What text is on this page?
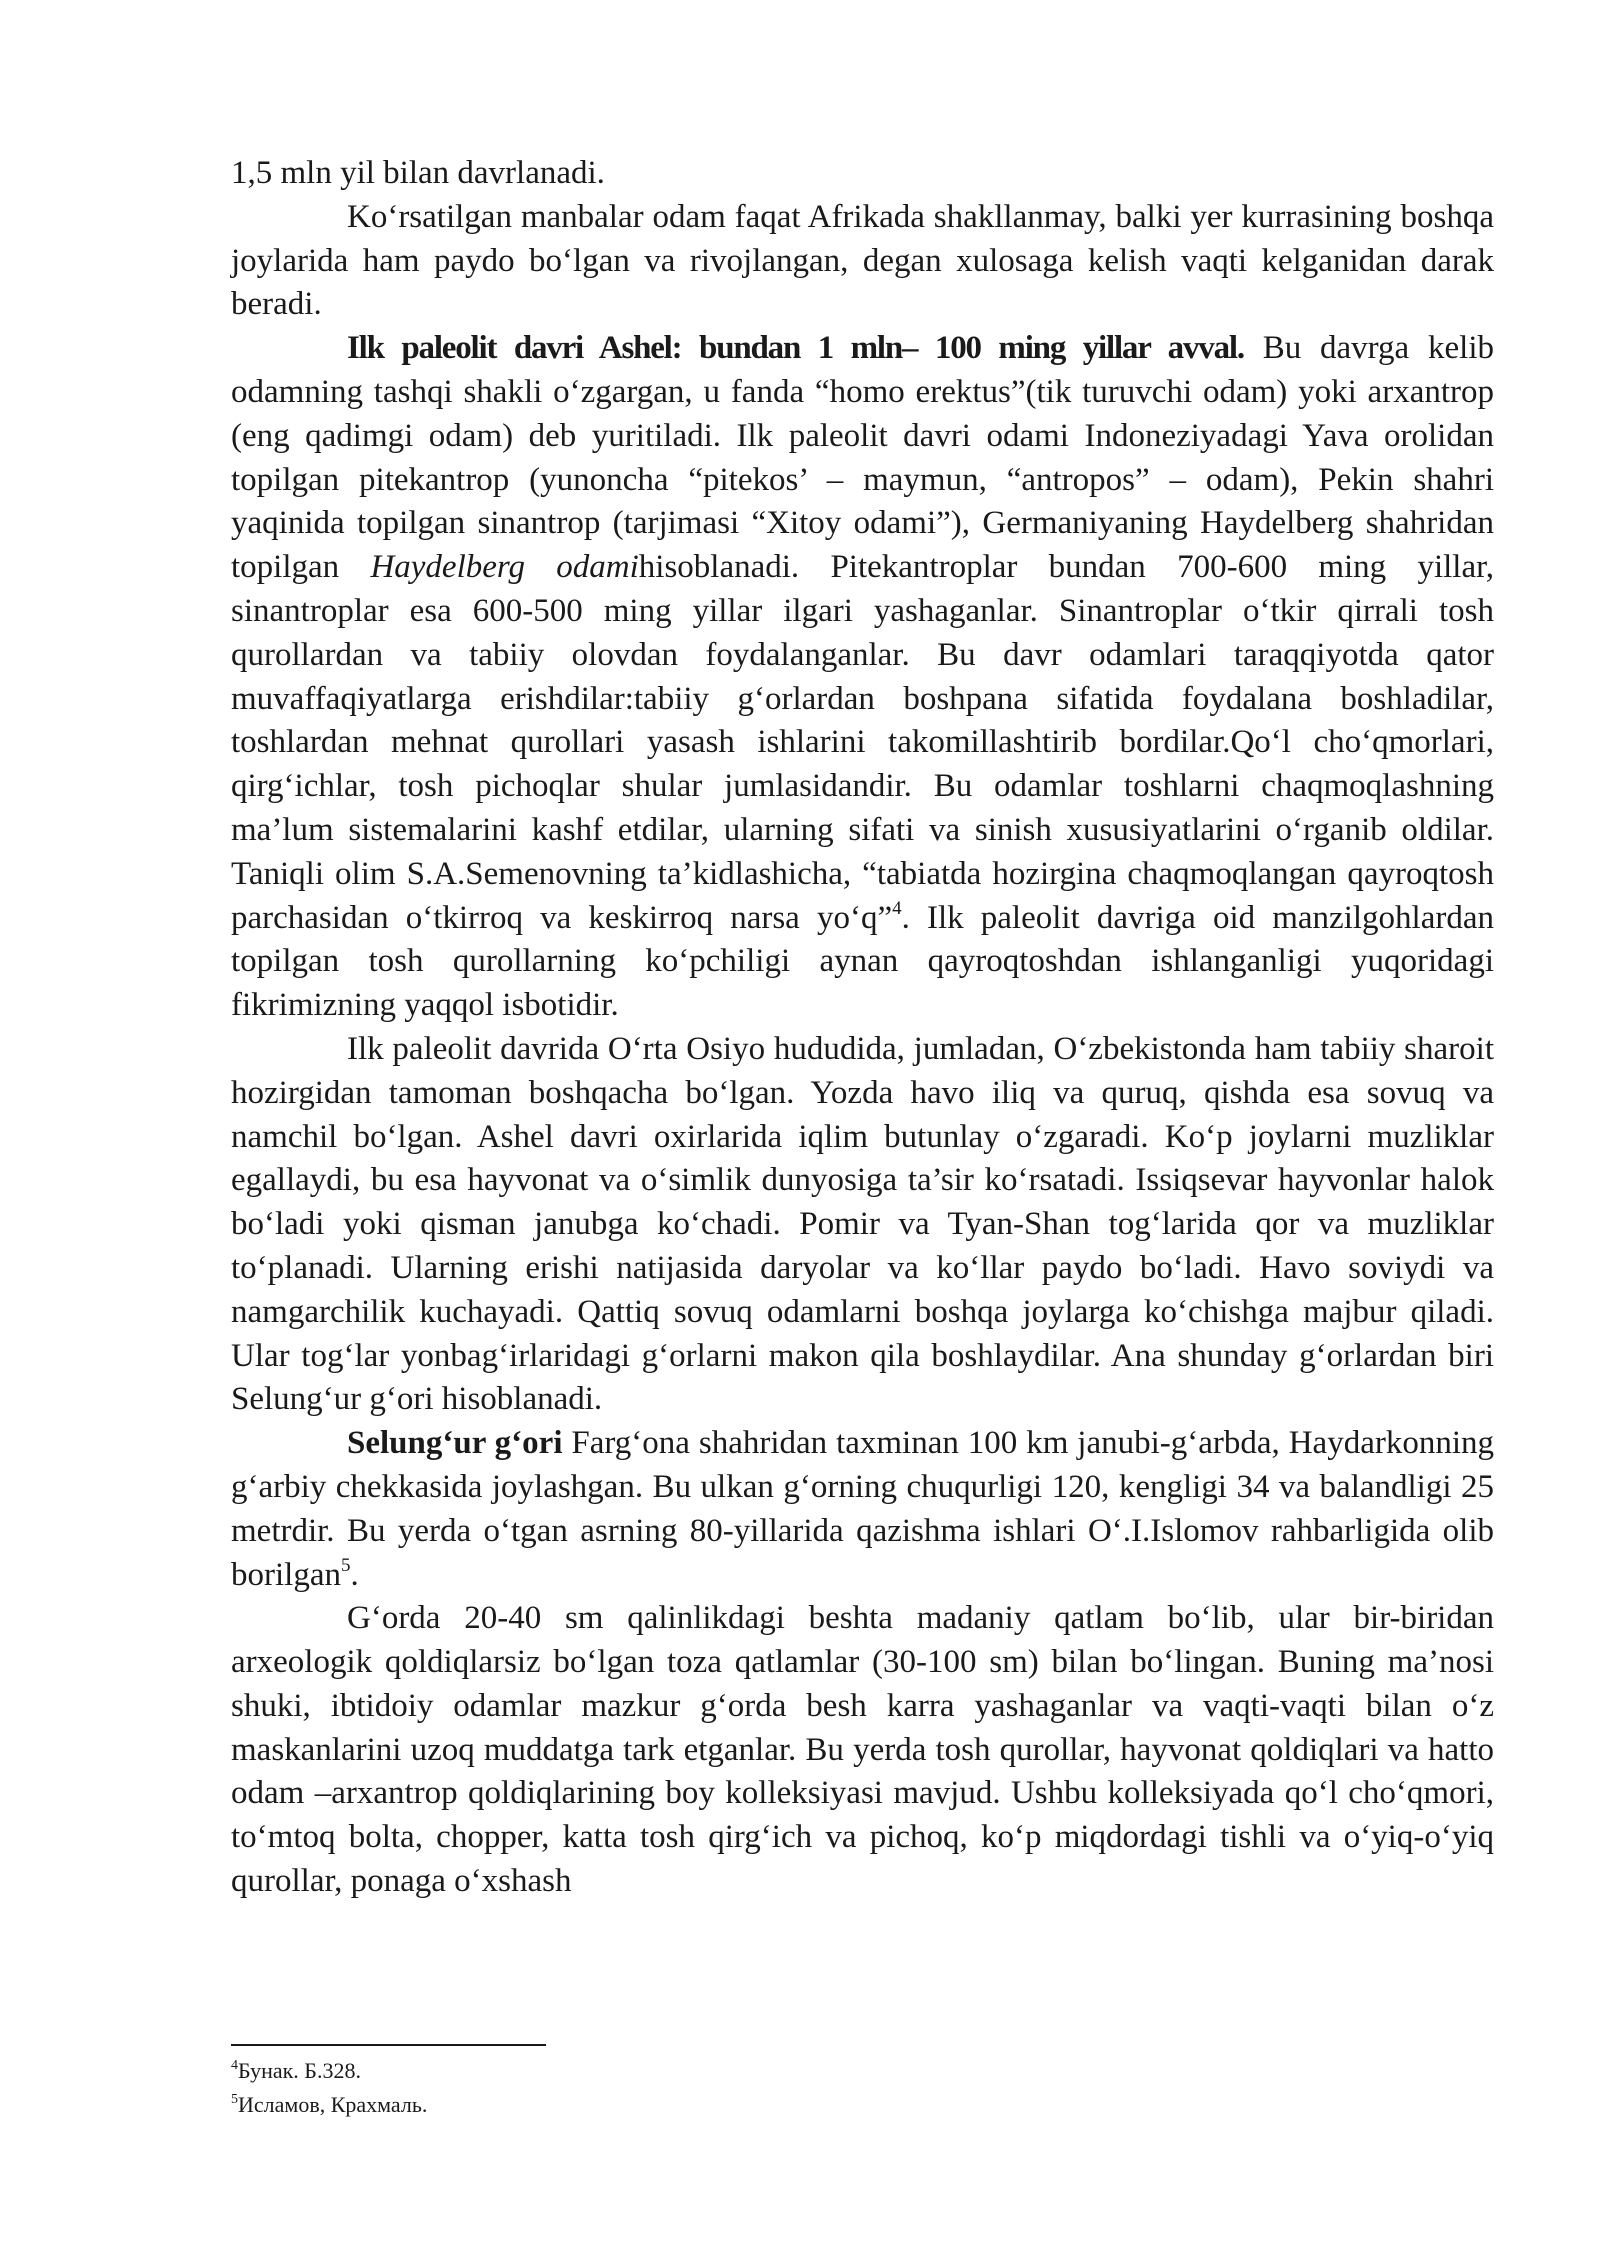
1,5 mln yil bilan davrlanadi.

Ko‘rsatilgan manbalar odam faqat Afrikada shakllanmay, balki yer kurrasining boshqa joylarida ham paydo bo‘lgan va rivojlangan, degan xulosaga kelish vaqti kelganidan darak beradi.

Ilk paleolit davri Ashel: bundan 1 mln– 100 ming yillar avval. Bu davrga kelib odamning tashqi shakli o‘zgargan, u fanda “homo erektus”(tik turuvchi odam) yoki arxantrop (eng qadimgi odam) deb yuritiladi. Ilk paleolit davri odami Indoneziyadagi Yava orolidan topilgan pitekantrop (yunoncha “pitekos’ – maymun, “antropos” – odam), Pekin shahri yaqinida topilgan sinantrop (tarjimasi “Xitoy odami”), Germaniyaning Haydelberg shahridan topilgan Haydelberg odamihisoblanadi. Pitekantroplar bundan 700-600 ming yillar, sinantroplar esa 600-500 ming yillar ilgari yashaganlar. Sinantroplar o‘tkir qirrali tosh qurollardan va tabiiy olovdan foydalanganlar. Bu davr odamlari taraqqiyotda qator muvaffaqiyatlarga erishdilar:tabiiy g‘orlardan boshpana sifatida foydalana boshladilar, toshlardan mehnat qurollari yasash ishlarini takomillashtirib bordilar.Qo‘l cho‘qmorlari, qirg‘ichlar, tosh pichoqlar shular jumlasidandir. Bu odamlar toshlarni chaqmoqlashning ma’lum sistemalarini kashf etdilar, ularning sifati va sinish xususiyatlarini o‘rganib oldilar. Taniqli olim S.A.Semenovning ta’kidlashicha, “tabiatda hozirgina chaqmoqlangan qayroqtosh parchasidan o‘tkirroq va keskirroq narsa yo‘q”$^4$. Ilk paleolit davriga oid manzilgohlardan topilgan tosh qurollarning ko‘pchiligi aynan qayroqtoshdan ishlanganligi yuqoridagi fikrimizning yaqqol isbotidir.

Ilk paleolit davrida O‘rta Osiyo hududida, jumladan, O‘zbekistonda ham tabiiy sharoit hozirgidan tamoman boshqacha bo‘lgan. Yozda havo iliq va quruq, qishda esa sovuq va namchil bo‘lgan. Ashel davri oxirlarida iqlim butunlay o‘zgaradi. Ko‘p joylarni muzliklar egallaydi, bu esa hayvonat va o‘simlik dunyosiga ta’sir ko‘rsatadi. Issiqsevar hayvonlar halok bo‘ladi yoki qisman janubga ko‘chadi. Pomir va Tyan-Shan tog‘larida qor va muzliklar to‘planadi. Ularning erishi natijasida daryolar va ko‘llar paydo bo‘ladi. Havo soviydi va namgarchilik kuchayadi. Qattiq sovuq odamlarni boshqa joylarga ko‘chishga majbur qiladi. Ular tog‘lar yonbag‘irlaridagi g‘orlarni makon qila boshlaydilar. Ana shunday g‘orlardan biri Selung‘ur g‘ori hisoblanadi.

Selung‘ur g‘ori Farg‘ona shahridan taxminan 100 km janubi-g‘arbda, Haydarkonning g‘arbiy chekkasida joylashgan. Bu ulkan g‘orning chuqurligi 120, kengligi 34 va balandligi 25 metrdir. Bu yerda o‘tgan asrning 80-yillarida qazishma ishlari O‘.I.Islomov rahbarligida olib borilgan$^5$.

G‘orda 20-40 sm qalinlikdagi beshta madaniy qatlam bo‘lib, ular bir-biridan arxeologik qoldiqlarsiz bo‘lgan toza qatlamlar (30-100 sm) bilan bo‘lingan. Buning ma’nosi shuki, ibtidoiy odamlar mazkur g‘orda besh karra yashaganlar va vaqti-vaqti bilan o‘z maskanlarini uzoq muddatga tark etganlar. Bu yerda tosh qurollar, hayvonat qoldiqlari va hatto odam –arxantrop qoldiqlarining boy kolleksiyasi mavjud. Ushbu kolleksiyada qo‘l cho‘qmori, to‘mtoq bolta, chopper, katta tosh qirg‘ich va pichoq, ko‘p miqdordagi tishli va o‘yiq-o‘yiq qurollar, ponaga o‘xshash

$^4$Бунак. Б.328.
$^5$Исламов, Крахмаль.
